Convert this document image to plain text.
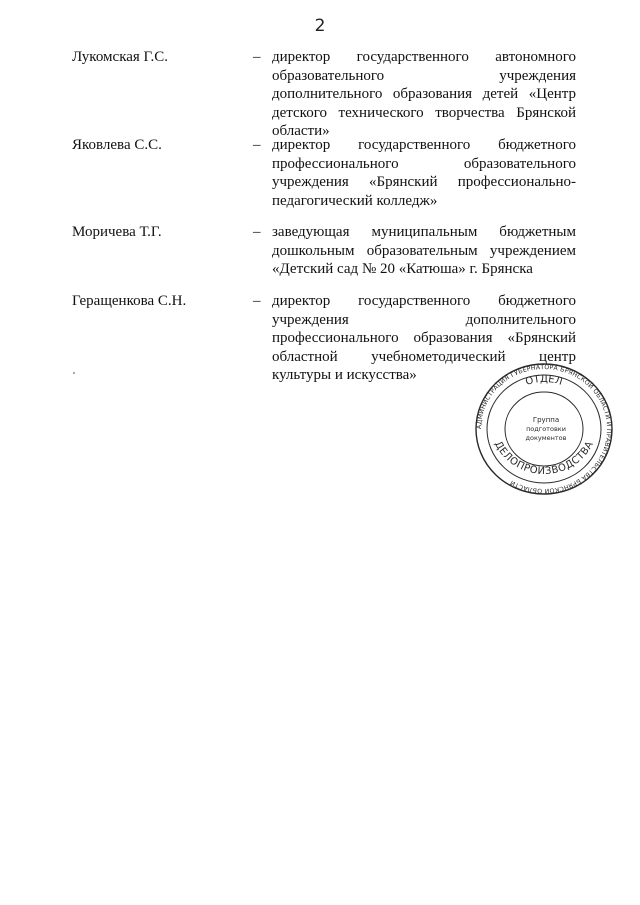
2
Лукомская Г.С.	– директор государственного автономного образовательного учреждения дополнительного образования детей «Центр детского технического творчества Брянской области»
Яковлева С.С.	– директор государственного бюджетного профессионального образовательного учреждения «Брянский профессионально-педагогический колледж»
Моричева Т.Г.	– заведующая муниципальным бюджетным дошкольным образовательным учреждением «Детский сад № 20 «Катюша» г. Брянска
Геращенкова С.Н.	– директор государственного бюджетного учреждения дополнительного профессионального образования «Брянский областной учебнометодический центр культуры и искусства»
АДМИНИСТРАЦИЯ ГУБЕРНАТОРА БРЯНСКОЙ ОБЛАСТИ И ПРАВИТЕЛЬСТВА БРЯНСКОЙ ОБЛАСТИ
ОТДЕЛ
ДЕЛОПРОИЗВОДСТВА
Группа
подготовки
документов
